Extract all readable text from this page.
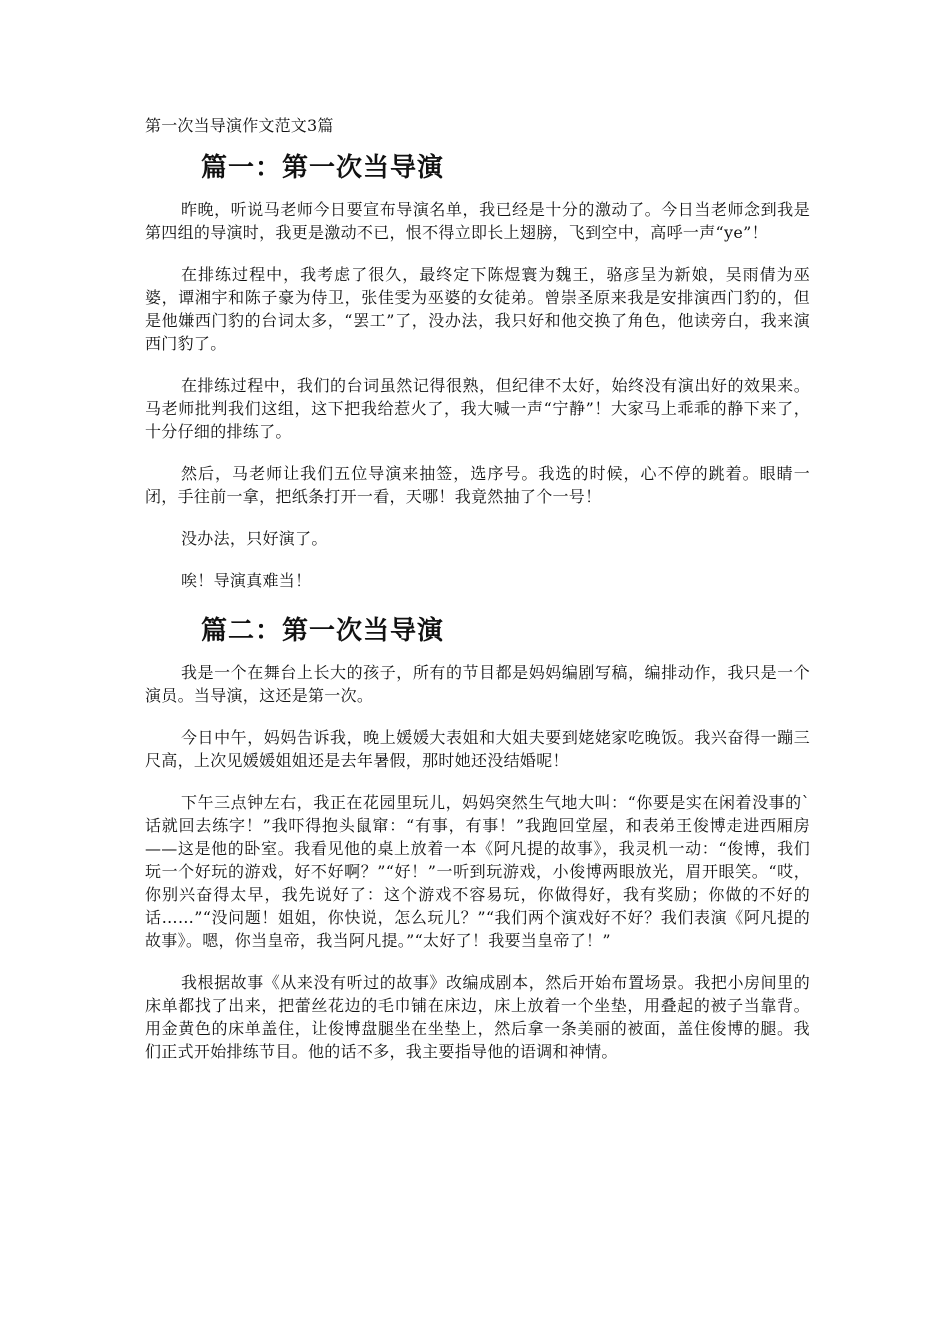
第一次当导演作文范文3篇
篇一：第一次当导演

昨晚，听说马老师今日要宣布导演名单，我已经是十分的激动了。今日当老师念到我是第四组的导演时，我更是激动不已，恨不得立即长上翅膀，飞到空中，高呼一声“ye”！

在排练过程中，我考虑了很久，最终定下陈煜寰为魏王，骆彦呈为新娘，吴雨倩为巫婆，谭湘宇和陈子豪为侍卫，张佳雯为巫婆的女徒弟。曾崇圣原来我是安排演西门豹的，但是他嫌西门豹的台词太多，“罢工”了，没办法，我只好和他交换了角色，他读旁白，我来演西门豹了。

在排练过程中，我们的台词虽然记得很熟，但纪律不太好，始终没有演出好的效果来。马老师批判我们这组，这下把我给惹火了，我大喊一声“宁静”！大家马上乖乖的静下来了，十分仔细的排练了。

然后，马老师让我们五位导演来抽签，选序号。我选的时候，心不停的跳着。眼睛一闭，手往前一拿，把纸条打开一看，天哪！我竟然抽了个一号！

没办法，只好演了。

唉！导演真难当！

篇二：第一次当导演

我是一个在舞台上长大的孩子，所有的节目都是妈妈编剧写稿，编排动作，我只是一个演员。当导演，这还是第一次。

今日中午，妈妈告诉我，晚上媛媛大表姐和大姐夫要到姥姥家吃晚饭。我兴奋得一蹦三尺高，上次见媛媛姐姐还是去年暑假，那时她还没结婚呢！

下午三点钟左右，我正在花园里玩儿，妈妈突然生气地大叫：“你要是实在闲着没事的`话就回去练字！”我吓得抱头鼠窜：“有事，有事！”我跑回堂屋，和表弟王俊博走进西厢房——这是他的卧室。我看见他的桌上放着一本《阿凡提的故事》，我灵机一动：“俊博，我们玩一个好玩的游戏，好不好啊？”“好！”一听到玩游戏，小俊博两眼放光，眉开眼笑。“哎，你别兴奋得太早，我先说好了：这个游戏不容易玩，你做得好，我有奖励；你做的不好的话……”“没问题！姐姐，你快说，怎么玩儿？”“我们两个演戏好不好？我们表演《阿凡提的故事》。嗯，你当皇帝，我当阿凡提。”“太好了！我要当皇帝了！”

我根据故事《从来没有听过的故事》改编成剧本，然后开始布置场景。我把小房间里的床单都找了出来，把蕾丝花边的毛巾铺在床边，床上放着一个坐垫，用叠起的被子当靠背。用金黄色的床单盖住，让俊博盘腿坐在坐垫上，然后拿一条美丽的被面，盖住俊博的腿。我们正式开始排练节目。他的话不多，我主要指导他的语调和神情。
